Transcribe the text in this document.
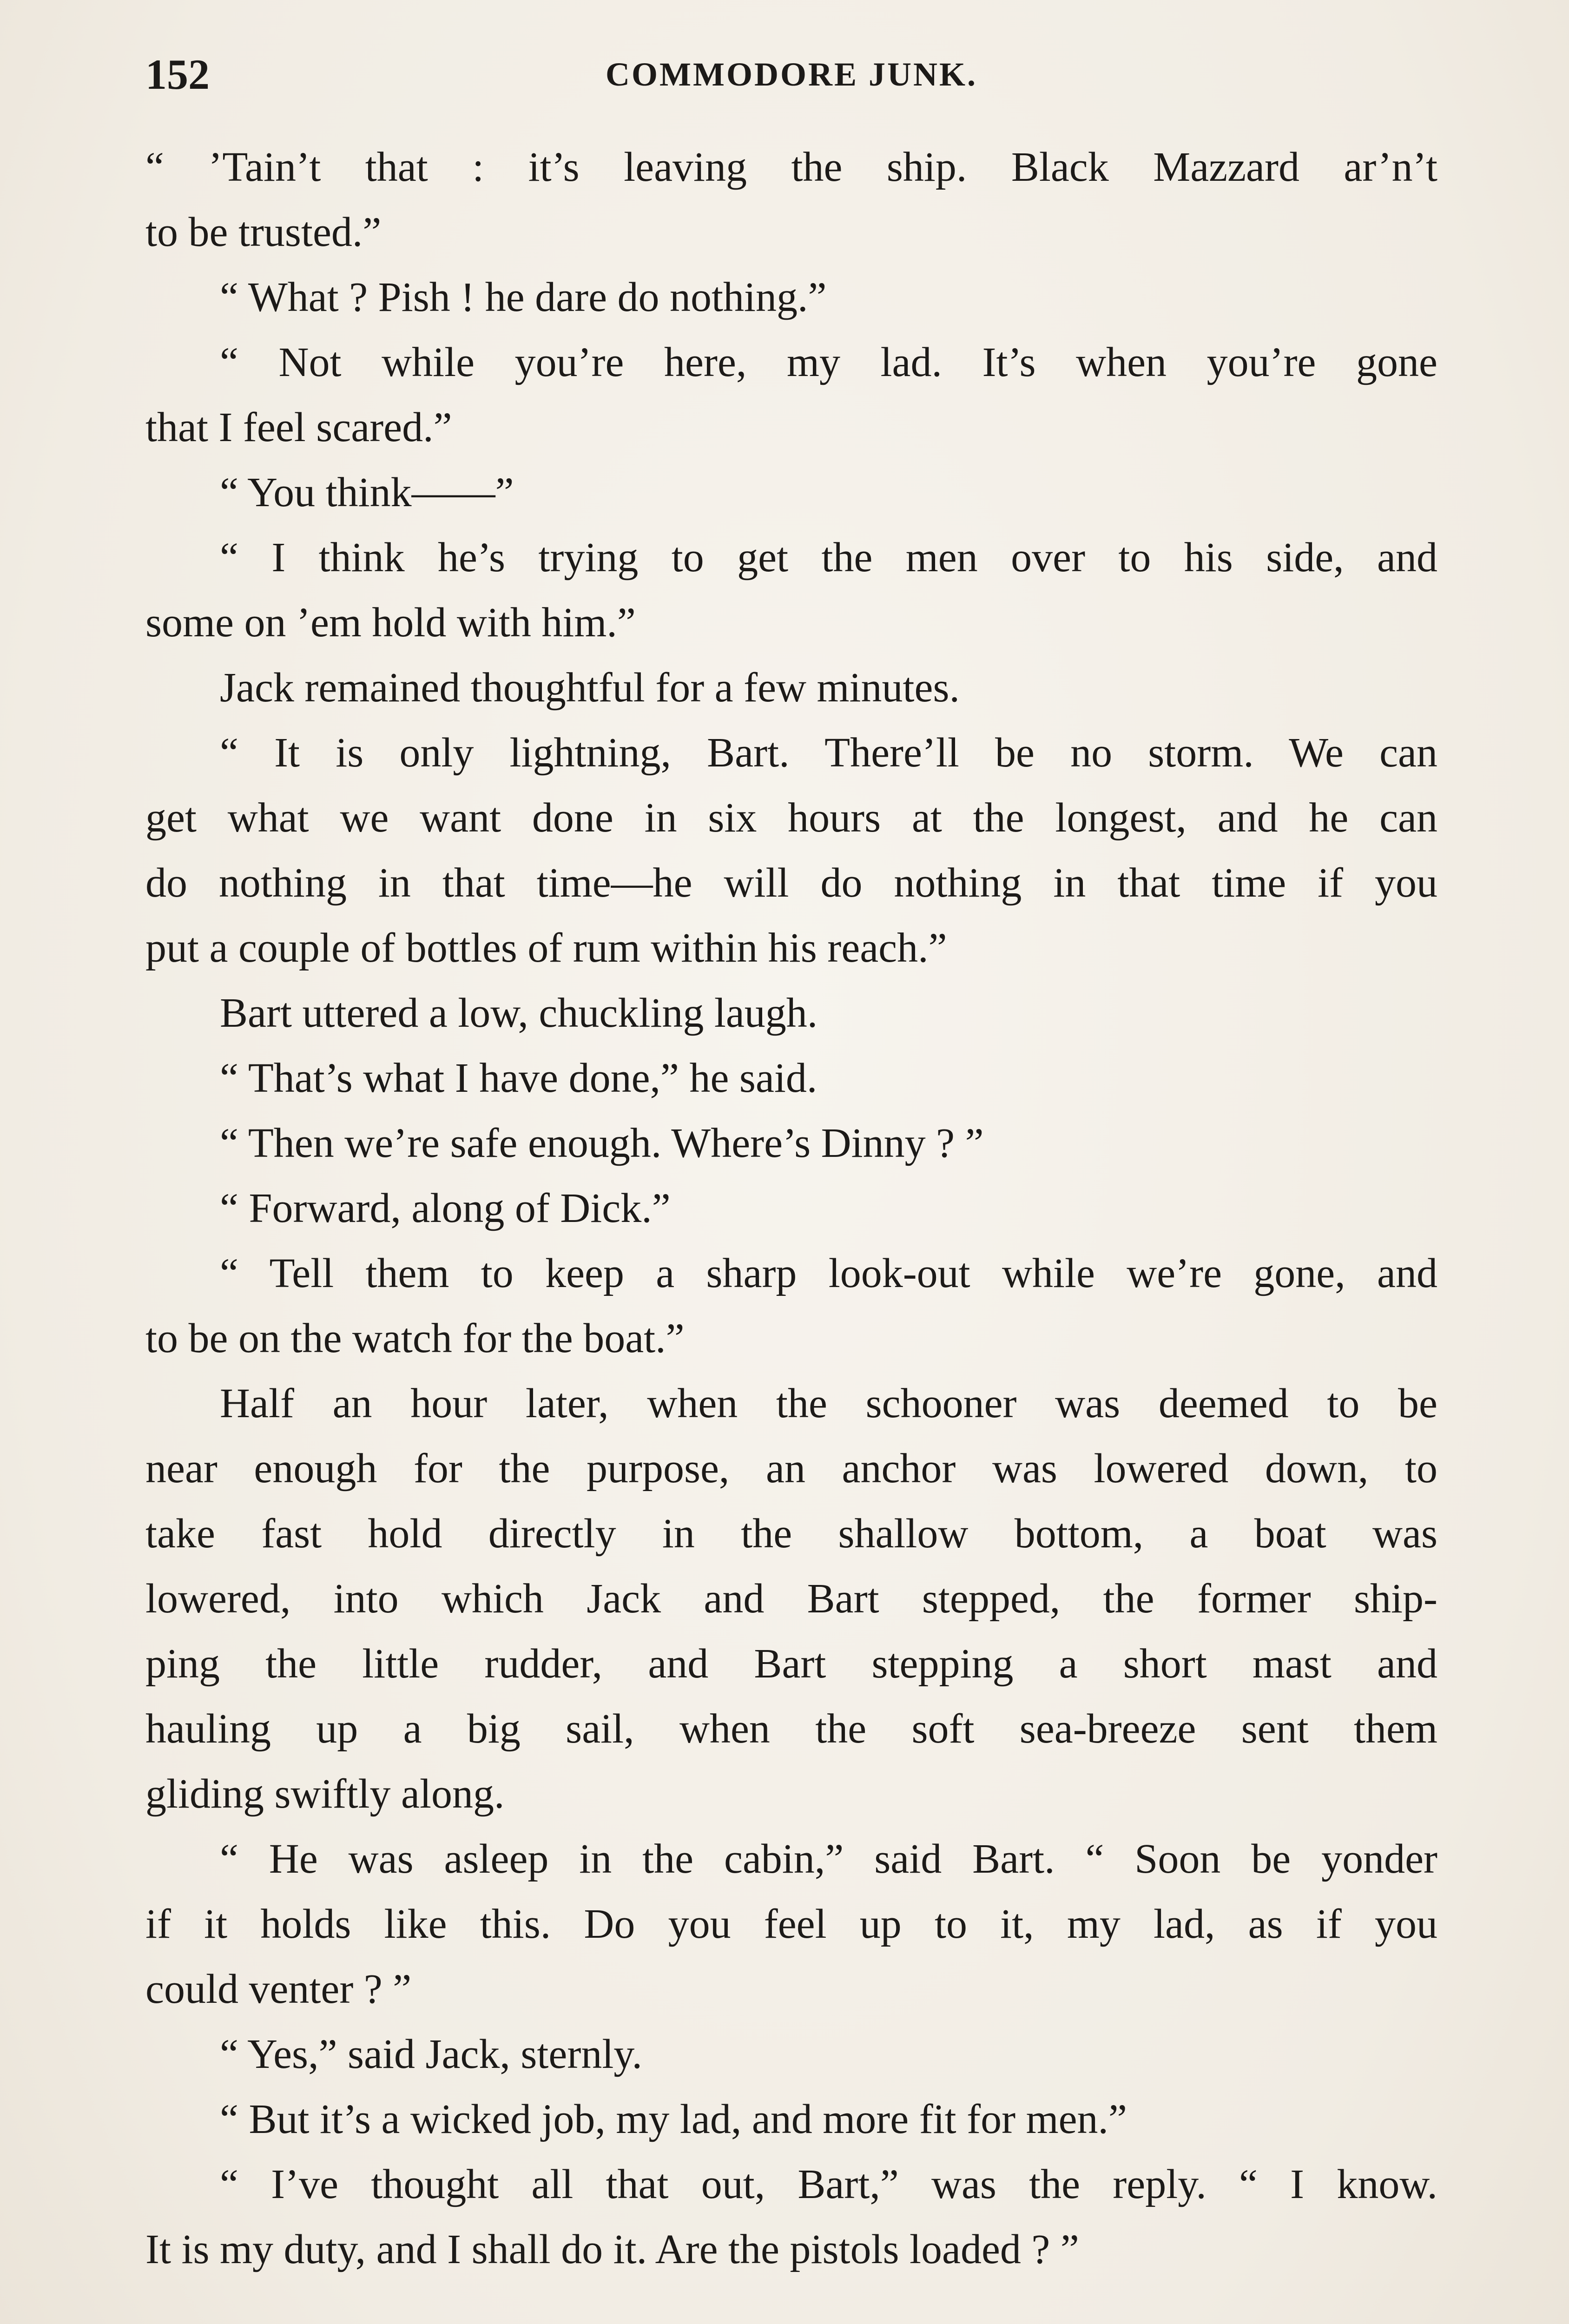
152	COMMODORE JUNK.
“ ’Tain’t that : it’s leaving the ship. Black Mazzard ar’n’t
to be trusted.”
“ What ? Pish ! he dare do nothing.”
“ Not while you’re here, my lad. It’s when you’re gone
that I feel scared.”
“ You think——”
“ I think he’s trying to get the men over to his side, and
some on ’em hold with him.”
Jack remained thoughtful for a few minutes.
“ It is only lightning, Bart. There’ll be no storm. We can
get what we want done in six hours at the longest, and he can
do nothing in that time—he will do nothing in that time if you
put a couple of bottles of rum within his reach.”
Bart uttered a low, chuckling laugh.
“ That’s what I have done,” he said.
“ Then we’re safe enough. Where’s Dinny ? ”
“ Forward, along of Dick.”
“ Tell them to keep a sharp look-out while we’re gone, and
to be on the watch for the boat.”
Half an hour later, when the schooner was deemed to be
near enough for the purpose, an anchor was lowered down, to
take fast hold directly in the shallow bottom, a boat was
lowered, into which Jack and Bart stepped, the former ship-
ping the little rudder, and Bart stepping a short mast and
hauling up a big sail, when the soft sea-breeze sent them
gliding swiftly along.
“ He was asleep in the cabin,” said Bart. “ Soon be yonder
if it holds like this. Do you feel up to it, my lad, as if you
could venter ? ”
“ Yes,” said Jack, sternly.
“ But it’s a wicked job, my lad, and more fit for men.”
“ I’ve thought all that out, Bart,” was the reply. “ I know.
It is my duty, and I shall do it. Are the pistols loaded ? ”
